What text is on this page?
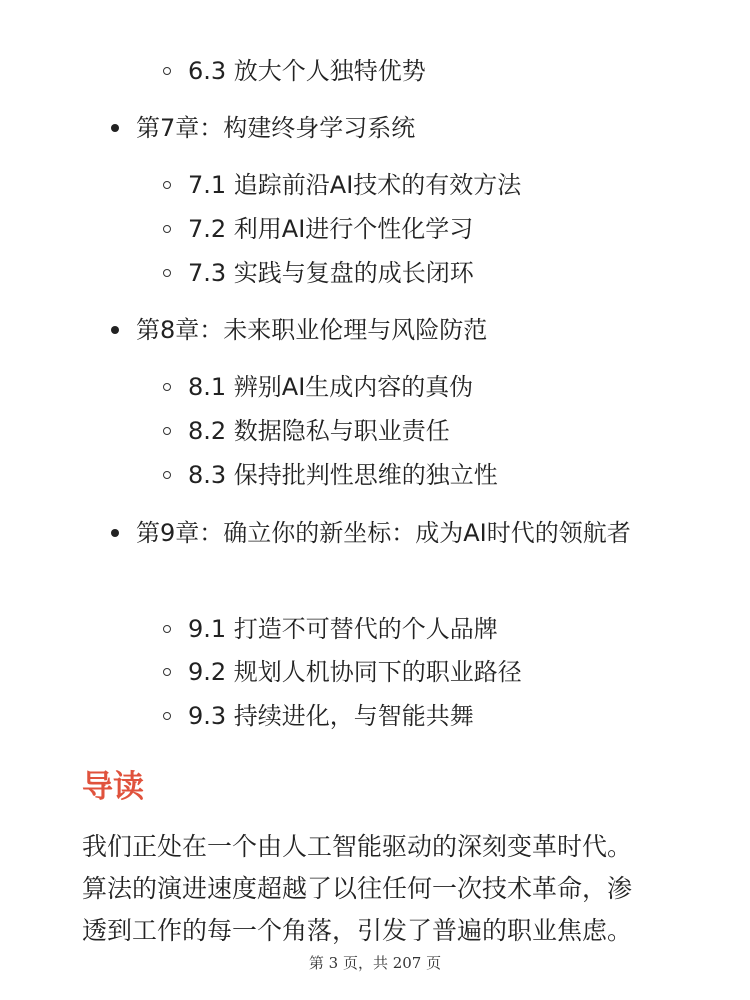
6.3 放大个人独特优势
第7章：构建终身学习系统
7.1 追踪前沿AI技术的有效方法
7.2 利用AI进行个性化学习
7.3 实践与复盘的成长闭环
第8章：未来职业伦理与风险防范
8.1 辨别AI生成内容的真伪
8.2 数据隐私与职业责任
8.3 保持批判性思维的独立性
第9章：确立你的新坐标：成为AI时代的领航者
9.1 打造不可替代的个人品牌
9.2 规划人机协同下的职业路径
9.3 持续进化，与智能共舞
导读
我们正处在一个由人工智能驱动的深刻变革时代。
算法的演进速度超越了以往任何一次技术革命，渗
透到工作的每一个角落，引发了普遍的职业焦虑。
第 3 页，共 207 页
